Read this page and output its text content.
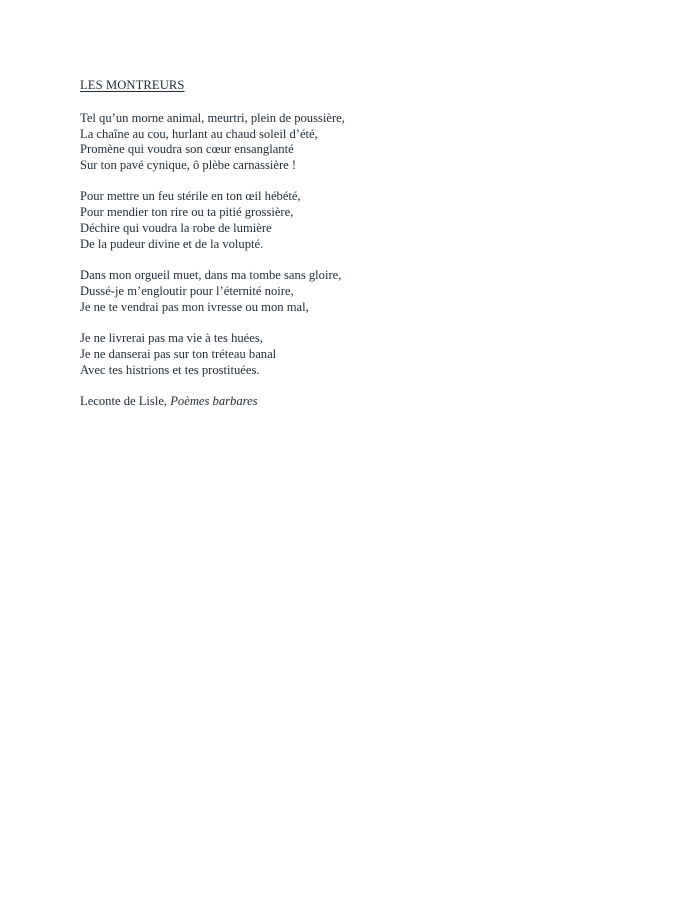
LES MONTREURS

Tel qu’un morne animal, meurtri, plein de poussière,
La chaîne au cou, hurlant au chaud soleil d’été,
Promène qui voudra son cœur ensanglanté
Sur ton pavé cynique, ô plèbe carnassière !

Pour mettre un feu stérile en ton œil hébété,
Pour mendier ton rire ou ta pitié grossière,
Déchire qui voudra la robe de lumière
De la pudeur divine et de la volupté.

Dans mon orgueil muet, dans ma tombe sans gloire,
Dussé-je m’engloutir pour l’éternité noire,
Je ne te vendrai pas mon ivresse ou mon mal,

Je ne livrerai pas ma vie à tes huées,
Je ne danserai pas sur ton tréteau banal
Avec tes histrions et tes prostituées.

Leconte de Lisle, Poèmes barbares
